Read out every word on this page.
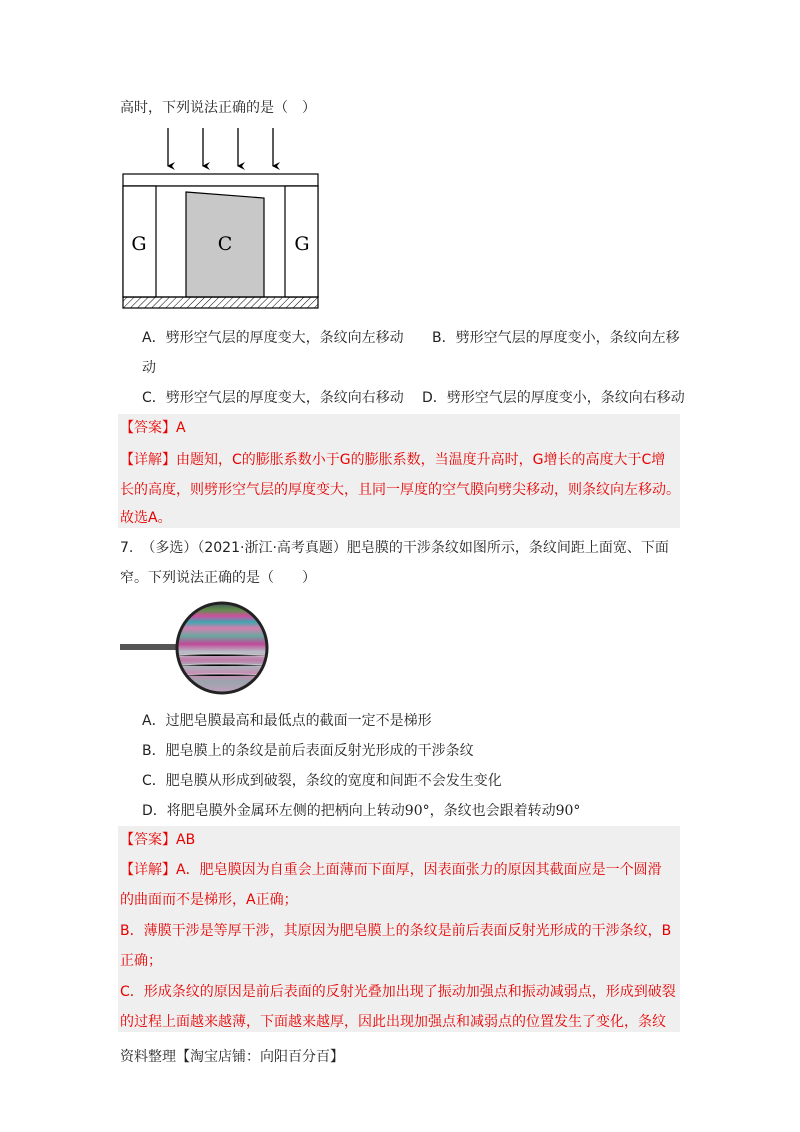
高时，下列说法正确的是（　）
G	C	G
A．劈形空气层的厚度变大，条纹向左移动 B．劈形空气层的厚度变小，条纹向左移
动
C．劈形空气层的厚度变大，条纹向右移动 D．劈形空气层的厚度变小，条纹向右移动
【答案】A
【详解】由题知，C的膨胀系数小于G的膨胀系数，当温度升高时，G增长的高度大于C增
长的高度，则劈形空气层的厚度变大，且同一厚度的空气膜向劈尖移动，则条纹向左移动。
故选A。
7. （多选）（2021·浙江·高考真题）肥皂膜的干涉条纹如图所示，条纹间距上面宽、下面
窄。下列说法正确的是（　　）
A．过肥皂膜最高和最低点的截面一定不是梯形
B．肥皂膜上的条纹是前后表面反射光形成的干涉条纹
C．肥皂膜从形成到破裂，条纹的宽度和间距不会发生变化
D．将肥皂膜外金属环左侧的把柄向上转动90°，条纹也会跟着转动90°
【答案】AB
【详解】A．肥皂膜因为自重会上面薄而下面厚，因表面张力的原因其截面应是一个圆滑
的曲面而不是梯形，A正确；
B．薄膜干涉是等厚干涉，其原因为肥皂膜上的条纹是前后表面反射光形成的干涉条纹，B
正确；
C．形成条纹的原因是前后表面的反射光叠加出现了振动加强点和振动减弱点，形成到破裂
的过程上面越来越薄，下面越来越厚，因此出现加强点和减弱点的位置发生了变化，条纹
资料整理【淘宝店铺：向阳百分百】
